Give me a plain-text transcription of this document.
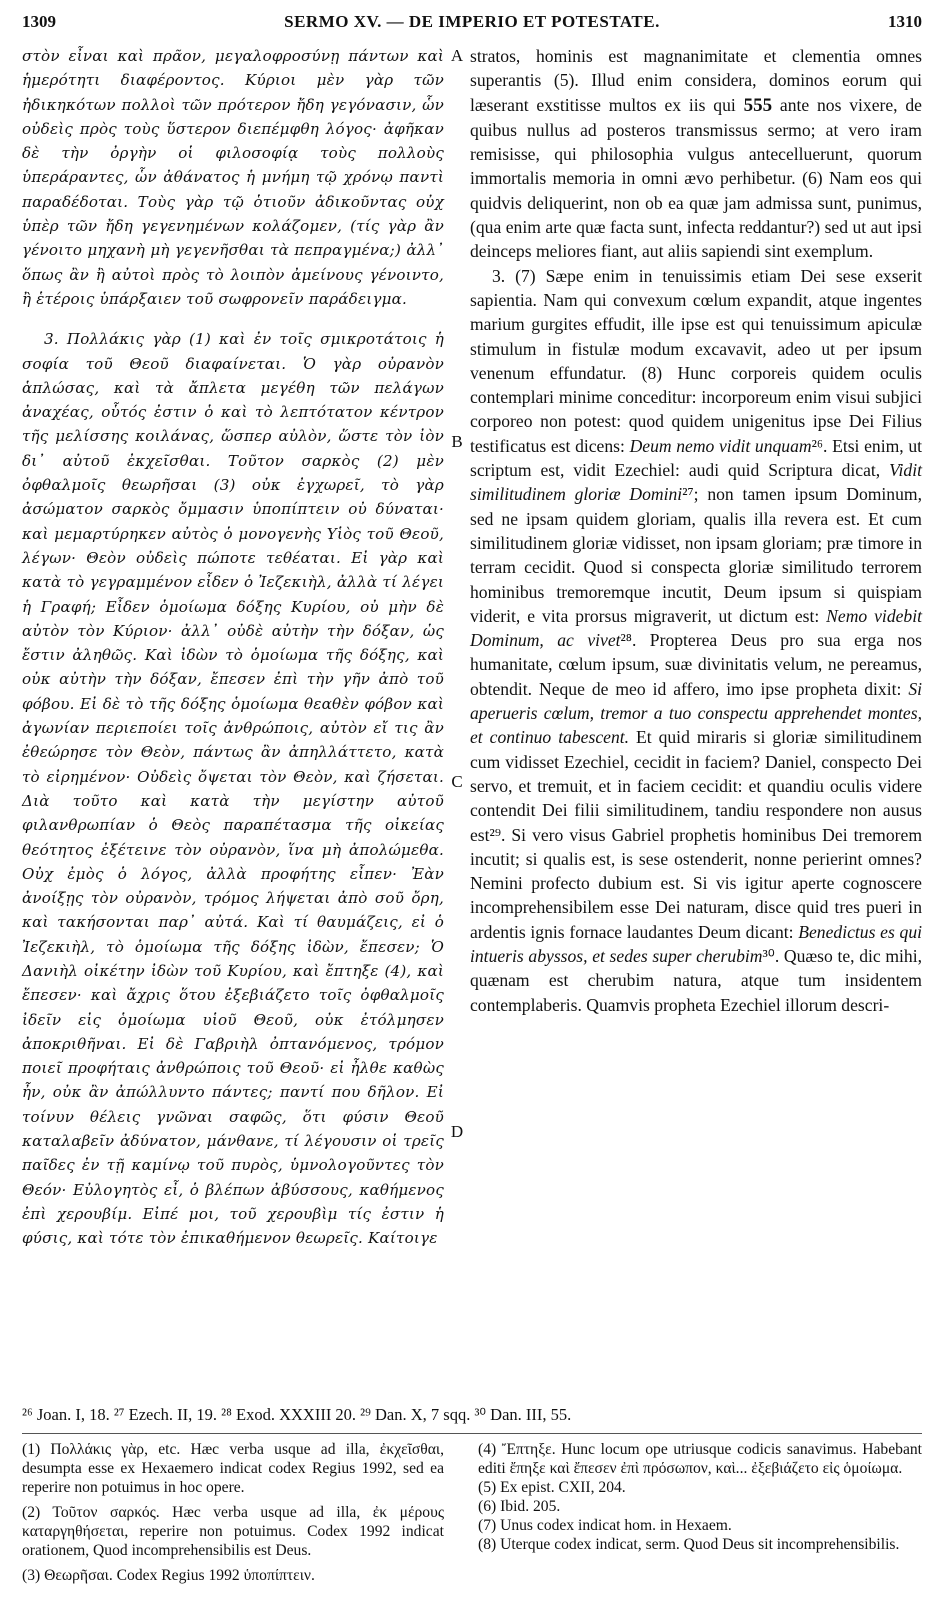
1309	SERMO XV. — DE IMPERIO ET POTESTATE.	1310

στὸν εἶναι καὶ πρᾶον, μεγαλοφροσύνῃ πάντων καὶ ἡμερότητι διαφέροντος. Κύριοι μὲν γὰρ τῶν ἠδικηκότων πολλοὶ τῶν πρότερον ἤδη γεγόνασιν, ὧν οὐδεὶς πρὸς τοὺς ὕστερον διεπέμφθη λόγος· ἀφῆκαν δὲ τὴν ὀργὴν οἱ φιλοσοφίᾳ τοὺς πολλοὺς ὑπεράραντες, ὧν ἀθάνατος ἡ μνήμη τῷ χρόνῳ παντὶ παραδέδοται. Τοὺς γὰρ τῷ ὁτιοῦν ἀδικοῦντας οὐχ ὑπὲρ τῶν ἤδη γεγενημένων κολάζομεν, (τίς γὰρ ἂν γένοιτο μηχανὴ μὴ γεγενῆσθαι τὰ πεπραγμένα;) ἀλλ᾽ ὅπως ἂν ἢ αὐτοὶ πρὸς τὸ λοιπὸν ἀμείνους γένοιντο, ἢ ἑτέροις ὑπάρξαιεν τοῦ σωφρονεῖν παράδειγμα.

3. Πολλάκις γὰρ (1) καὶ ἐν τοῖς σμικροτάτοις ἡ σοφία τοῦ Θεοῦ διαφαίνεται. Ὁ γὰρ οὐρανὸν ἁπλώσας, καὶ τὰ ἄπλετα μεγέθη τῶν πελάγων ἀναχέας, οὗτός ἐστιν ὁ καὶ τὸ λεπτότατον κέντρον τῆς μελίσσης κοιλάνας, ὥσπερ αὐλὸν, ὥστε τὸν ἰὸν δι᾽ αὐτοῦ ἐκχεῖσθαι. Τοῦτον σαρκὸς (2) μὲν ὀφθαλμοῖς θεωρῆσαι (3) οὐκ ἐγχωρεῖ, τὸ γὰρ ἀσώματον σαρκὸς ὄμμασιν ὑποπίπτειν οὐ δύναται· καὶ μεμαρτύρηκεν αὐτὸς ὁ μονογενὴς Υἱὸς τοῦ Θεοῦ, λέγων· Θεὸν οὐδεὶς πώποτε τεθέαται. Εἰ γὰρ καὶ κατὰ τὸ γεγραμμένον εἶδεν ὁ Ἰεζεκιὴλ, ἀλλὰ τί λέγει ἡ Γραφή; Εἶδεν ὁμοίωμα δόξης Κυρίου, οὐ μὴν δὲ αὐτὸν τὸν Κύριον· ἀλλ᾽ οὐδὲ αὐτὴν τὴν δόξαν, ὡς ἔστιν ἀληθῶς. Καὶ ἰδὼν τὸ ὁμοίωμα τῆς δόξης, καὶ οὐκ αὐτὴν τὴν δόξαν, ἔπεσεν ἐπὶ τὴν γῆν ἀπὸ τοῦ φόβου. Εἰ δὲ τὸ τῆς δόξης ὁμοίωμα θεαθὲν φόβον καὶ ἀγωνίαν περιεποίει τοῖς ἀνθρώποις, αὐτὸν εἴ τις ἂν ἐθεώρησε τὸν Θεὸν, πάντως ἂν ἀπηλλάττετο, κατὰ τὸ εἰρημένον· Οὐδεὶς ὄψεται τὸν Θεὸν, καὶ ζήσεται. Διὰ τοῦτο καὶ κατὰ τὴν μεγίστην αὐτοῦ φιλανθρωπίαν ὁ Θεὸς παραπέτασμα τῆς οἰκείας θεότητος ἐξέτεινε τὸν οὐρανὸν, ἵνα μὴ ἀπολώμεθα. Οὐχ ἐμὸς ὁ λόγος, ἀλλὰ προφήτης εἶπεν· Ἐὰν ἀνοίξῃς τὸν οὐρανὸν, τρόμος λήψεται ἀπὸ σοῦ ὄρη, καὶ τακήσονται παρ᾽ αὐτά. Καὶ τί θαυμάζεις, εἰ ὁ Ἰεζεκιὴλ, τὸ ὁμοίωμα τῆς δόξης ἰδὼν, ἔπεσεν; Ὁ Δανιὴλ οἰκέτην ἰδὼν τοῦ Κυρίου, καὶ ἔπτηξε (4), καὶ ἔπεσεν· καὶ ἄχρις ὅτου ἐξεβιάζετο τοῖς ὀφθαλμοῖς ἰδεῖν εἰς ὁμοίωμα υἱοῦ Θεοῦ, οὐκ ἐτόλμησεν ἀποκριθῆναι. Εἰ δὲ Γαβριὴλ ὀπτανόμενος, τρόμον ποιεῖ προφήταις ἀνθρώποις τοῦ Θεοῦ· εἰ ἦλθε καθὼς ἦν, οὐκ ἂν ἀπώλλυντο πάντες; παντί που δῆλον. Εἰ τοίνυν θέλεις γνῶναι σαφῶς, ὅτι φύσιν Θεοῦ καταλαβεῖν ἀδύνατον, μάνθανε, τί λέγουσιν οἱ τρεῖς παῖδες ἐν τῇ καμίνῳ τοῦ πυρὸς, ὑμνολογοῦντες τὸν Θεόν· Εὐλογητὸς εἶ, ὁ βλέπων ἀβύσσους, καθήμενος ἐπὶ χερουβίμ. Εἰπέ μοι, τοῦ χερουβὶμ τίς ἐστιν ἡ φύσις, καὶ τότε τὸν ἐπικαθήμενον θεωρεῖς. Καίτοιγε

A
B
C
D

stratos, hominis est magnanimitate et clementia omnes superantis (5). Illud enim considera, dominos eorum qui læserant exstitisse multos ex iis qui 555 ante nos vixere, de quibus nullus ad posteros transmissus sermo; at vero iram remisisse, qui philosophia vulgus antecelluerunt, quorum immortalis memoria in omni ævo perhibetur. (6) Nam eos qui quidvis deliquerint, non ob ea quæ jam admissa sunt, punimus, (qua enim arte quæ facta sunt, infecta reddantur?) sed ut aut ipsi deinceps meliores fiant, aut aliis sapiendi sint exemplum.

3. (7) Sæpe enim in tenuissimis etiam Dei sese exserit sapientia. Nam qui convexum cœlum expandit, atque ingentes marium gurgites effudit, ille ipse est qui tenuissimum apiculæ stimulum in fistulæ modum excavavit, adeo ut per ipsum venenum effundatur. (8) Hunc corporeis quidem oculis contemplari minime conceditur: incorporeum enim visui subjici corporeo non potest: quod quidem unigenitus ipse Dei Filius testificatus est dicens: Deum nemo vidit unquam²⁶. Etsi enim, ut scriptum est, vidit Ezechiel: audi quid Scriptura dicat, Vidit similitudinem gloriæ Domini²⁷; non tamen ipsum Dominum, sed ne ipsam quidem gloriam, qualis illa revera est. Et cum similitudinem gloriæ vidisset, non ipsam gloriam; præ timore in terram cecidit. Quod si conspecta gloriæ similitudo terrorem hominibus tremoremque incutit, Deum ipsum si quispiam viderit, e vita prorsus migraverit, ut dictum est: Nemo videbit Dominum, ac vivet²⁸. Propterea Deus pro sua erga nos humanitate, cœlum ipsum, suæ divinitatis velum, ne pereamus, obtendit. Neque de meo id affero, imo ipse propheta dixit: Si aperueris cœlum, tremor a tuo conspectu apprehendet montes, et continuo tabescent. Et quid miraris si gloriæ similitudinem cum vidisset Ezechiel, cecidit in faciem? Daniel, conspecto Dei servo, et tremuit, et in faciem cecidit: et quandiu oculis videre contendit Dei filii similitudinem, tandiu respondere non ausus est²⁹. Si vero visus Gabriel prophetis hominibus Dei tremorem incutit; si qualis est, is sese ostenderit, nonne perierint omnes? Nemini profecto dubium est. Si vis igitur aperte cognoscere incomprehensibilem esse Dei naturam, disce quid tres pueri in ardentis ignis fornace laudantes Deum dicant: Benedictus es qui intueris abyssos, et sedes super cherubim³⁰. Quæso te, dic mihi, quænam est cherubim natura, atque tum insidentem contemplaberis. Quamvis propheta Ezechiel illorum descri-

²⁶ Joan. I, 18. ²⁷ Ezech. II, 19. ²⁸ Exod. XXXIII 20. ²⁹ Dan. X, 7 sqq. ³⁰ Dan. III, 55.

(1) Πολλάκις γὰρ, etc. Hæc verba usque ad illa, ἐκχεῖσθαι, desumpta esse ex Hexaemero indicat codex Regius 1992, sed ea reperire non potuimus in hoc opere.

(2) Τοῦτον σαρκός. Hæc verba usque ad illa, ἐκ μέρους καταργηθήσεται, reperire non potuimus. Codex 1992 indicat orationem, Quod incomprehensibilis est Deus.

(3) Θεωρῆσαι. Codex Regius 1992 ὑποπίπτειν.

(4) Ἔπτηξε. Hunc locum ope utriusque codicis sanavimus. Habebant editi ἔπηξε καὶ ἔπεσεν ἐπὶ πρόσωπον, καὶ... ἐξεβιάζετο εἰς ὁμοίωμα.

(5) Ex epist. CXII, 204.

(6) Ibid. 205.

(7) Unus codex indicat hom. in Hexaem.

(8) Uterque codex indicat, serm. Quod Deus sit incomprehensibilis.
